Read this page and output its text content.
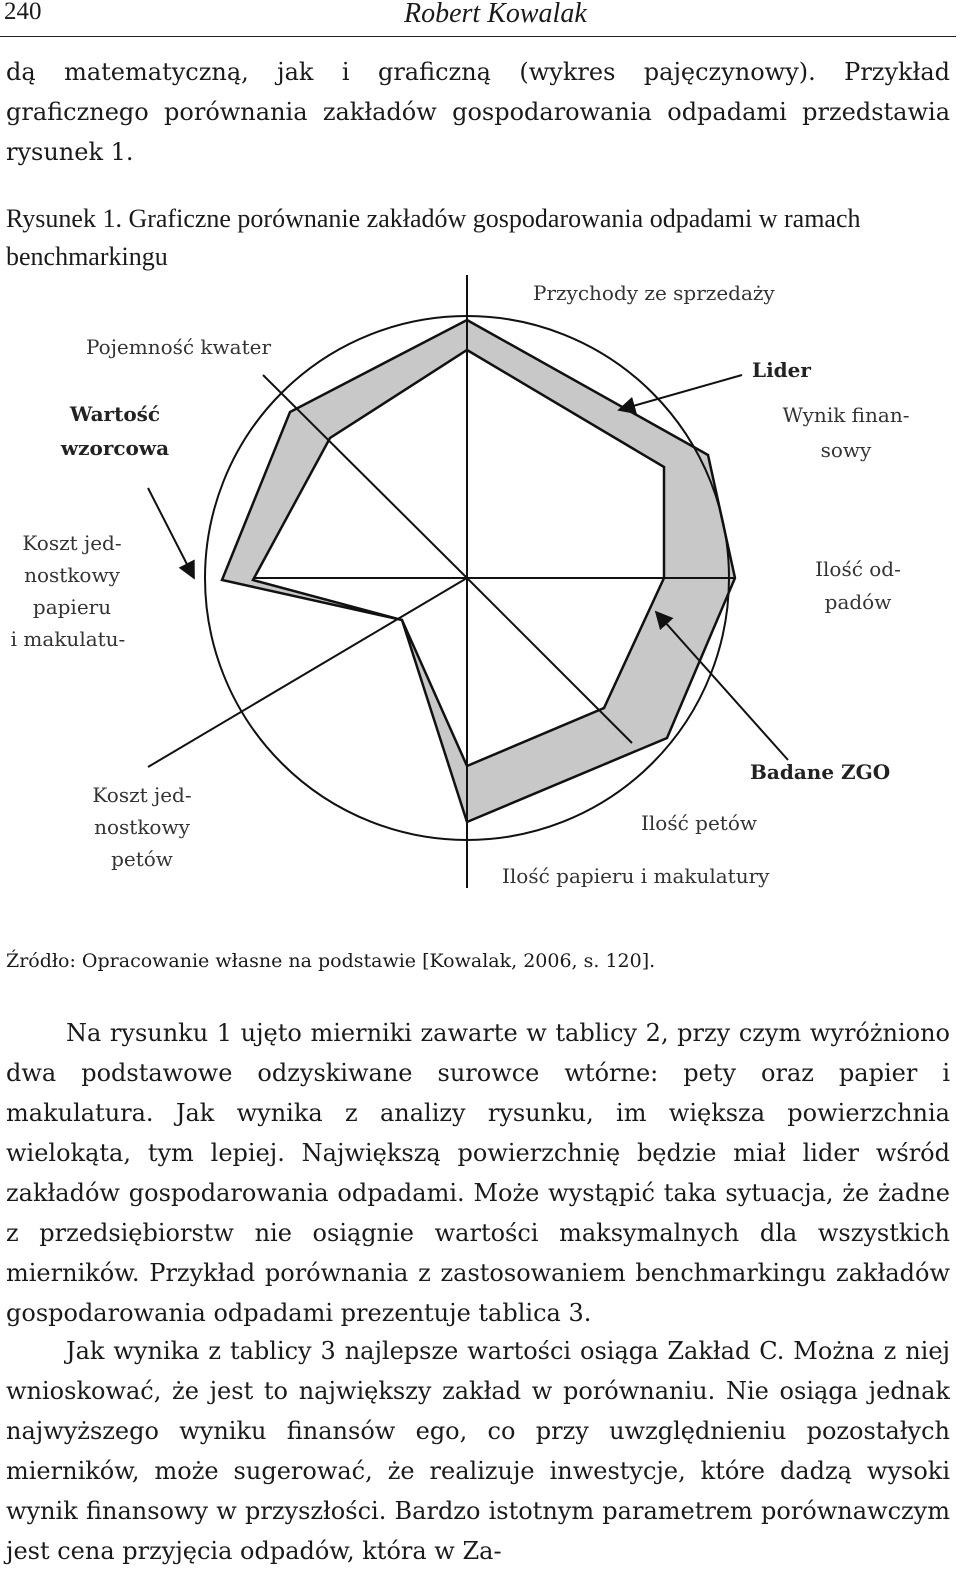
240	Robert Kowalak

dą matematyczną, jak i graficzną (wykres pajęczynowy). Przykład graficznego porównania zakładów gospodarowania odpadami przedstawia rysunek 1.

Rysunek 1. Graficzne porównanie zakładów gospodarowania odpadami w ramach benchmarkingu
Przychody ze sprzedaży
Pojemność kwater
Wynik finan-
sowy
Ilość od-
padów
Koszt jed-
nostkowy
papieru
i makulatu-
Koszt jed-
nostkowy
petów
Ilość petów
Ilość papieru i makulatury
Lider
Wartość
wzorcowa
Badane ZGO
Źródło: Opracowanie własne na podstawie [Kowalak, 2006, s. 120].

Na rysunku 1 ujęto mierniki zawarte w tablicy 2, przy czym wyróżniono dwa podstawowe odzyskiwane surowce wtórne: pety oraz papier i makulatura. Jak wynika z analizy rysunku, im większa powierzchnia wielokąta, tym lepiej. Największą powierzchnię będzie miał lider wśród zakładów gospodarowania odpadami. Może wystąpić taka sytuacja, że żadne z przedsiębiorstw nie osiągnie wartości maksymalnych dla wszystkich mierników. Przykład porównania z zastosowaniem benchmarkingu zakładów gospodarowania odpadami prezentuje tablica 3.

Jak wynika z tablicy 3 najlepsze wartości osiąga Zakład C. Można z niej wnioskować, że jest to największy zakład w porównaniu. Nie osiąga jednak najwyższego wyniku finansów ego, co przy uwzględnieniu pozostałych mierników, może sugerować, że realizuje inwestycje, które dadzą wysoki wynik finansowy w przyszłości. Bardzo istotnym parametrem porównawczym jest cena przyjęcia odpadów, która w Za-
